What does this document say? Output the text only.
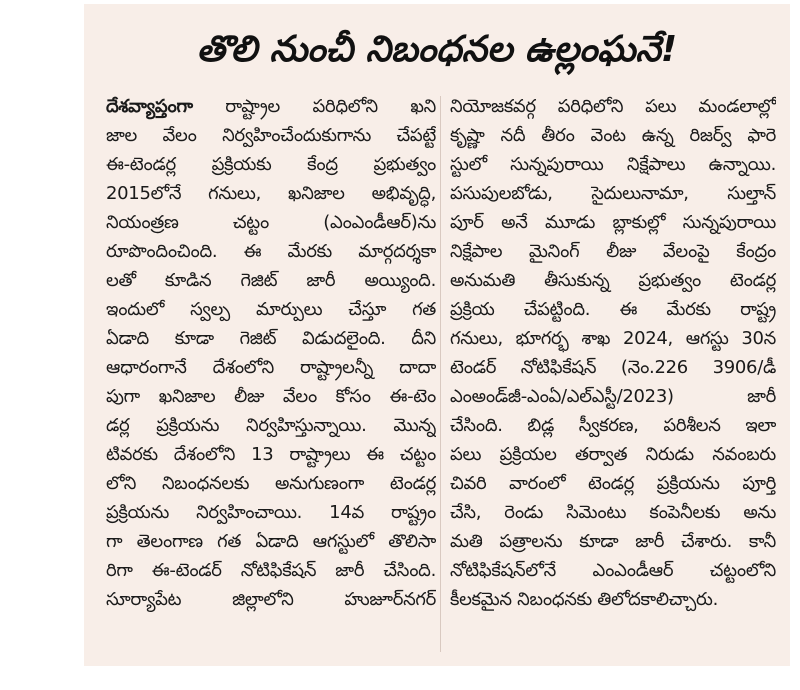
తొలి నుంచీ నిబంధనల ఉల్లంఘనే!
దేశవ్యాప్తంగా రాష్ట్రాల పరిధిలోని ఖని
జాల వేలం నిర్వహించేందుకుగాను చేపట్టే
ఈ-టెండర్ల ప్రక్రియకు కేంద్ర ప్రభుత్వం
2015లోనే గనులు, ఖనిజాల అభివృద్ధి,
నియంత్రణ చట్టం (ఎంఎండీఆర్)ను
రూపొందించింది. ఈ మేరకు మార్గదర్శకా
లతో కూడిన గెజిట్ జారీ అయ్యింది.
ఇందులో స్వల్ప మార్పులు చేస్తూ గత
ఏడాది కూడా గెజిట్ విడుదలైంది. దీని
ఆధారంగానే దేశంలోని రాష్ట్రాలన్నీ దాదా
పుగా ఖనిజాల లీజు వేలం కోసం ఈ-టెం
డర్ల ప్రక్రియను నిర్వహిస్తున్నాయి. మొన్న
టివరకు దేశంలోని 13 రాష్ట్రాలు ఈ చట్టం
లోని నిబంధనలకు అనుగుణంగా టెండర్ల
ప్రక్రియను నిర్వహించాయి. 14వ రాష్ట్రం
గా తెలంగాణ గత ఏడాది ఆగస్టులో తొలిసా
రిగా ఈ-టెండర్ నోటిఫికేషన్ జారీ చేసింది.
సూర్యాపేట జిల్లాలోని హుజూర్‌నగర్
నియోజకవర్గ పరిధిలోని పలు మండలాల్లో
కృష్ణా నదీ తీరం వెంట ఉన్న రిజర్వ్ ఫారె
స్టులో సున్నపురాయి నిక్షేపాలు ఉన్నాయి.
పసుపులబోడు, సైదులునామా, సుల్తాన్
పూర్ అనే మూడు బ్లాకుల్లో సున్నపురాయి
నిక్షేపాల మైనింగ్ లీజు వేలంపై కేంద్రం
అనుమతి తీసుకున్న ప్రభుత్వం టెండర్ల
ప్రక్రియ చేపట్టింది. ఈ మేరకు రాష్ట్ర
గనులు, భూగర్భ శాఖ 2024, ఆగస్టు 30న
టెండర్ నోటిఫికేషన్ (నెం.226 3906/డీ
ఎంఅండ్‌జీ-ఎంఏ/ఎల్ఎస్టీ/2023) జారీ
చేసింది. బిడ్ల స్వీకరణ, పరిశీలన ఇలా
పలు ప్రక్రియల తర్వాత నిరుడు నవంబరు
చివరి వారంలో టెండర్ల ప్రక్రియను పూర్తి
చేసి, రెండు సిమెంటు కంపెనీలకు అను
మతి పత్రాలను కూడా జారీ చేశారు. కానీ
నోటిఫికేషన్‌లోనే ఎంఎండీఆర్ చట్టంలోని
కీలకమైన నిబంధనకు తిలోదకాలిచ్చారు.
